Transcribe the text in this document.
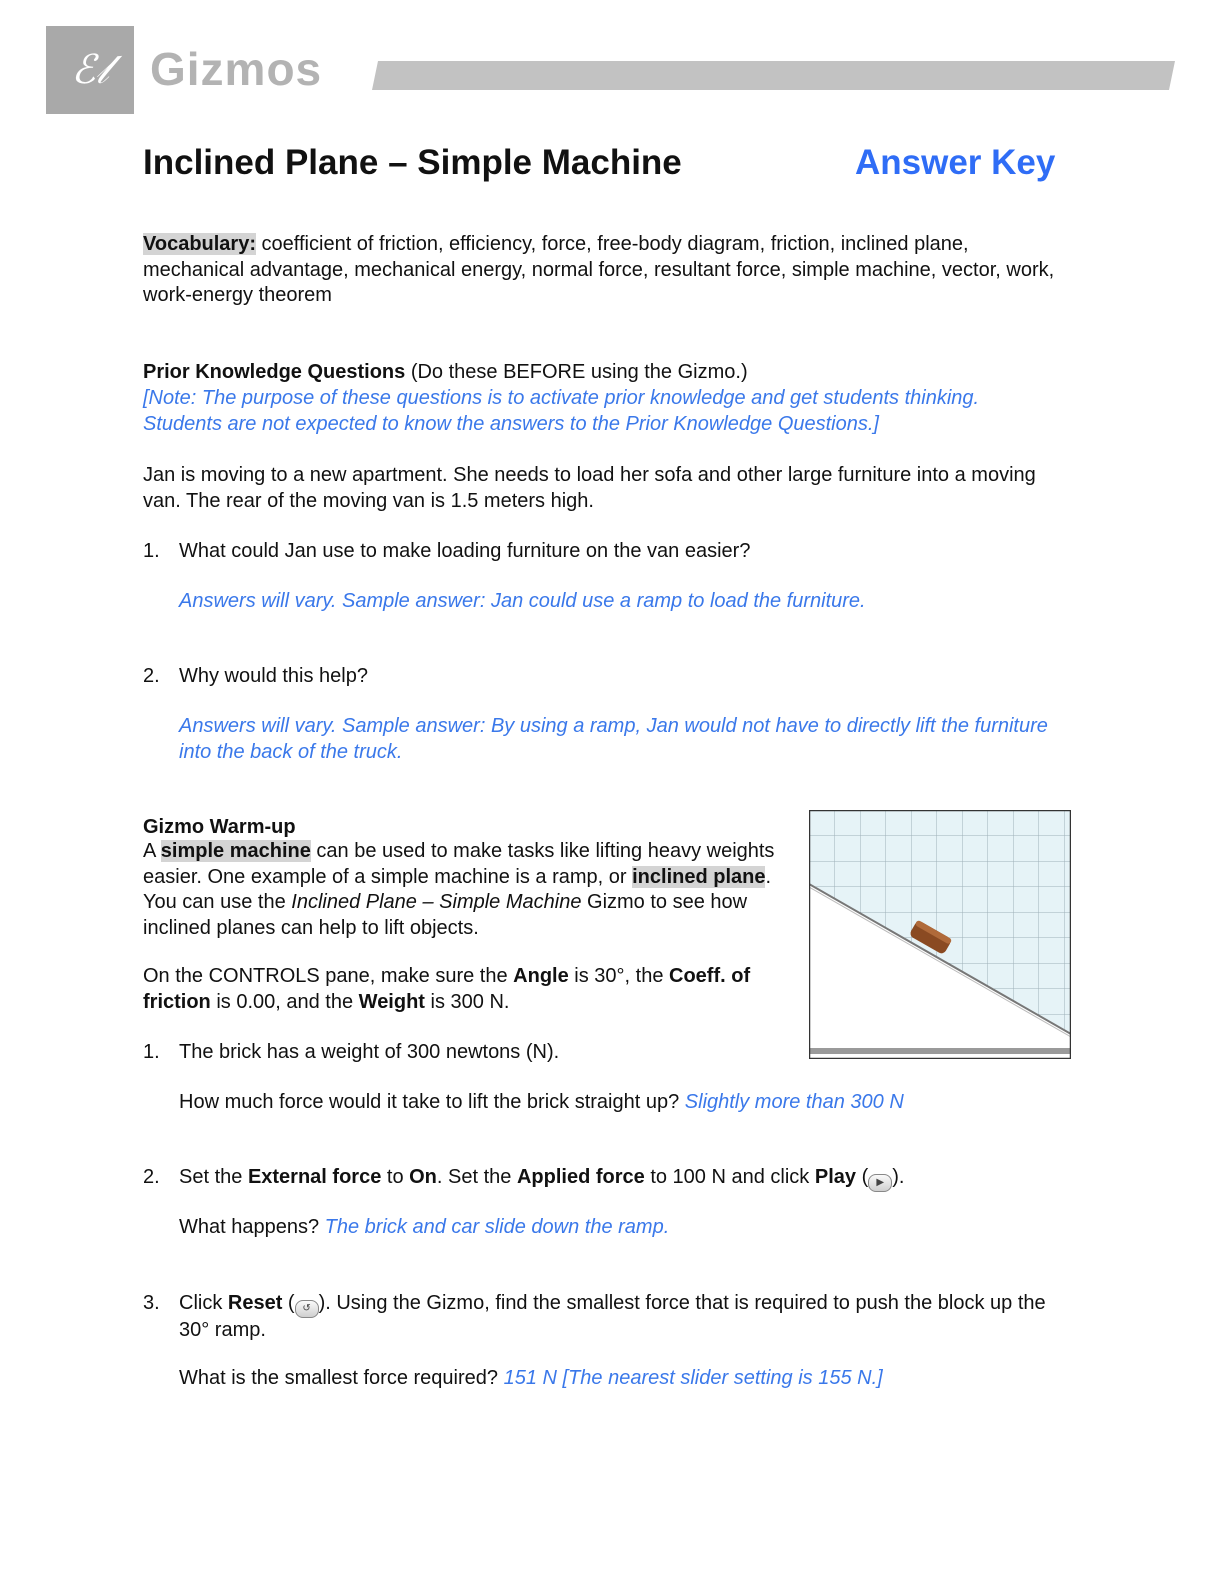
ℰ𝓁 Gizmos
Inclined Plane – Simple Machine	Answer Key
Vocabulary: coefficient of friction, efficiency, force, free-body diagram, friction, inclined plane, mechanical advantage, mechanical energy, normal force, resultant force, simple machine, vector, work, work-energy theorem
Prior Knowledge Questions (Do these BEFORE using the Gizmo.)
[Note: The purpose of these questions is to activate prior knowledge and get students thinking. Students are not expected to know the answers to the Prior Knowledge Questions.]
Jan is moving to a new apartment. She needs to load her sofa and other large furniture into a moving van. The rear of the moving van is 1.5 meters high.
1. What could Jan use to make loading furniture on the van easier?
Answers will vary. Sample answer: Jan could use a ramp to load the furniture.
2. Why would this help?
Answers will vary. Sample answer: By using a ramp, Jan would not have to directly lift the furniture into the back of the truck.
Gizmo Warm-up
A simple machine can be used to make tasks like lifting heavy weights easier. One example of a simple machine is a ramp, or inclined plane. You can use the Inclined Plane – Simple Machine Gizmo to see how inclined planes can help to lift objects.
On the CONTROLS pane, make sure the Angle is 30°, the Coeff. of friction is 0.00, and the Weight is 300 N.
1. The brick has a weight of 300 newtons (N).
How much force would it take to lift the brick straight up? Slightly more than 300 N
2. Set the External force to On. Set the Applied force to 100 N and click Play ( ▶ ).
What happens? The brick and car slide down the ramp.
3. Click Reset ( ↺ ). Using the Gizmo, find the smallest force that is required to push the block up the 30° ramp.
What is the smallest force required? 151 N [The nearest slider setting is 155 N.]
